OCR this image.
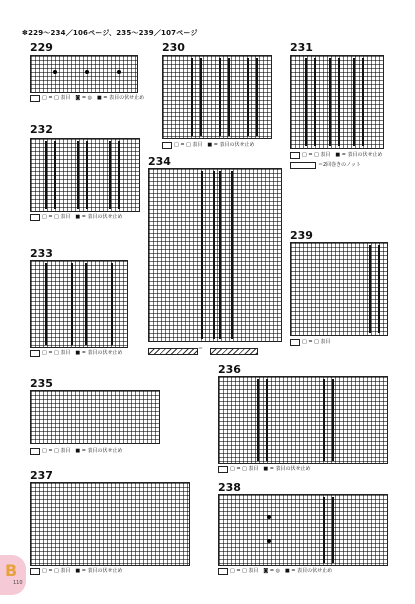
✽229〜234／106ページ、235〜239／107ページ
229
□ = □ 表目　◙ = ◎　■ = 表目の伏せ止め
230
□ = □ 表目　■ = 表目の伏せ止め
231
□ = □ 表目　■ = 表目の伏せ止め
＝2回巻きのノット
232
□ = □ 表目　■ = 表目の伏せ止め
234
＝
233
□ = □ 表目　■ = 表目の伏せ止め
239
□ = □ 表目
235
□ = □ 表目　■ = 表目の伏せ止め
236
□ = □ 表目　■ = 表目の伏せ止め
237
□ = □ 表目　■ = 表目の伏せ止め
238
□ = □ 表目　◙ = ◎　■ = 表目の伏せ止め
B
110
